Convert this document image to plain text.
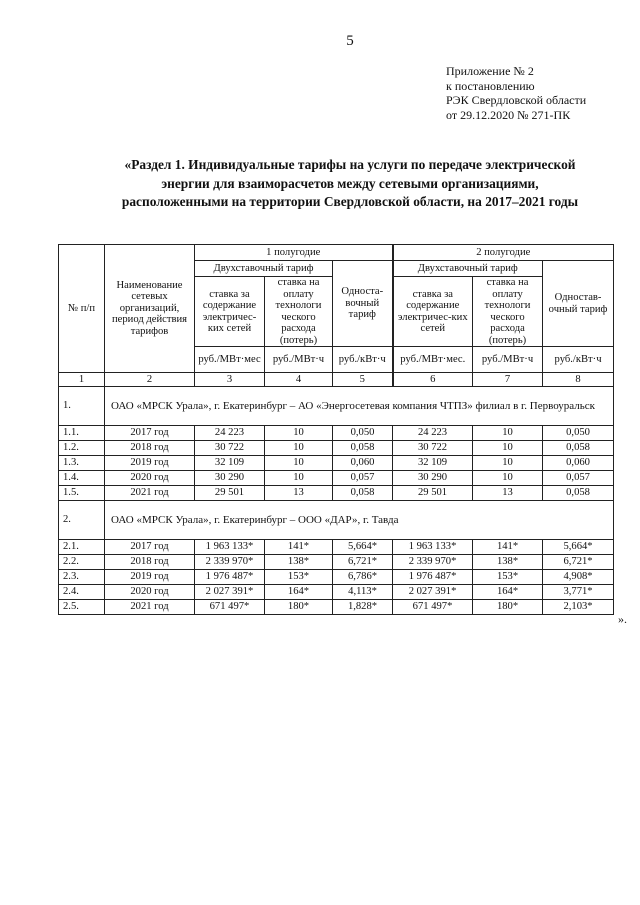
5
Приложение № 2
к постановлению
РЭК Свердловской области
от 29.12.2020 № 271-ПК
«Раздел 1. Индивидуальные тарифы на услуги по передаче электрической
энергии для взаиморасчетов между сетевыми организациями,
расположенными на территории Свердловской области, на 2017–2021 годы
№ п/п	Наименование сетевых организаций, период действия тарифов	1 полугодие			2 полугодие		
		Двухставочный тариф		Односта-вочный тариф	Двухставочный тариф		Одностав-очный тариф
		ставка за содержание электричес-ких сетей	ставка на оплату технологи ческого расхода (потерь)		ставка за содержание электричес-ких сетей	ставка на оплату технологи ческого расхода (потерь)	
		руб./МВт·мес	руб./МВт·ч	руб./кВт·ч	руб./МВт·мес.	руб./МВт·ч	руб./кВт·ч
1	2	3	4	5	6	7	8
1.	ОАО «МРСК Урала», г. Екатеринбург – АО «Энергосетевая компания ЧТПЗ» филиал в г. Первоуральск						
1.1.	2017 год	24 223	10	0,050	24 223	10	0,050
1.2.	2018 год	30 722	10	0,058	30 722	10	0,058
1.3.	2019 год	32 109	10	0,060	32 109	10	0,060
1.4.	2020 год	30 290	10	0,057	30 290	10	0,057
1.5.	2021 год	29 501	13	0,058	29 501	13	0,058
2.	ОАО «МРСК Урала», г. Екатеринбург – ООО «ДАР», г. Тавда						
2.1.	2017 год	1 963 133*	141*	5,664*	1 963 133*	141*	5,664*
2.2.	2018 год	2 339 970*	138*	6,721*	2 339 970*	138*	6,721*
2.3.	2019 год	1 976 487*	153*	6,786*	1 976 487*	153*	4,908*
2.4.	2020 год	2 027 391*	164*	4,113*	2 027 391*	164*	3,771*
2.5.	2021 год	671 497*	180*	1,828*	671 497*	180*	2,103*
».
